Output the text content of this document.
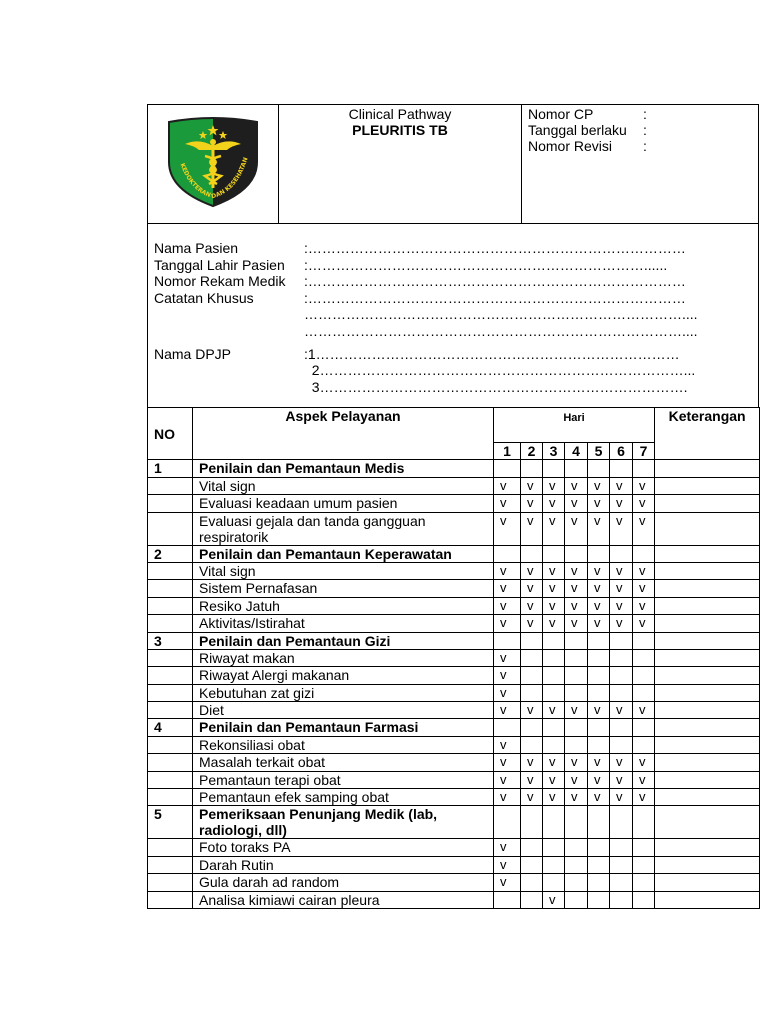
KEDOKTERAN DAN KESEHATAN

Clinical Pathway
PLEURITIS TB

Nomor CP	:
Tanggal berlaku	:
Nomor Revisi	:
Nama Pasien	:………………………………………………………………………
Tanggal Lahir Pasien	:………………………………………………………………......
Nomor Rekam Medik	:………………………………………………………………………
Catatan Khusus	:………………………………………………………………………
………………………………………………………………………....
………………………………………………………………………....
Nama DPJP	:1……………………………………………………………………
2……………………………………………………………………...
3…………………………………………………………………….
NO	Aspek Pelayanan	Hari							Keterangan
		1	2	3	4	5	6	7	
1	Penilain dan Pemantaun Medis								
	Vital sign	v	v	v	v	v	v	v	
	Evaluasi keadaan umum pasien	v	v	v	v	v	v	v	
	Evaluasi gejala dan tanda gangguan respiratorik	v	v	v	v	v	v	v	
2	Penilain dan Pemantaun Keperawatan								
	Vital sign	v	v	v	v	v	v	v	
	Sistem Pernafasan	v	v	v	v	v	v	v	
	Resiko Jatuh	v	v	v	v	v	v	v	
	Aktivitas/Istirahat	v	v	v	v	v	v	v	
3	Penilain dan Pemantaun Gizi								
	Riwayat makan	v							
	Riwayat Alergi makanan	v							
	Kebutuhan zat gizi	v							
	Diet	v	v	v	v	v	v	v	
4	Penilain dan Pemantaun Farmasi								
	Rekonsiliasi obat	v							
	Masalah terkait obat	v	v	v	v	v	v	v	
	Pemantaun terapi obat	v	v	v	v	v	v	v	
	Pemantaun efek samping obat	v	v	v	v	v	v	v	
5	Pemeriksaan Penunjang Medik (lab, radiologi, dll)								
	Foto toraks PA	v							
	Darah Rutin	v							
	Gula darah ad random	v							
	Analisa kimiawi cairan pleura			v					
